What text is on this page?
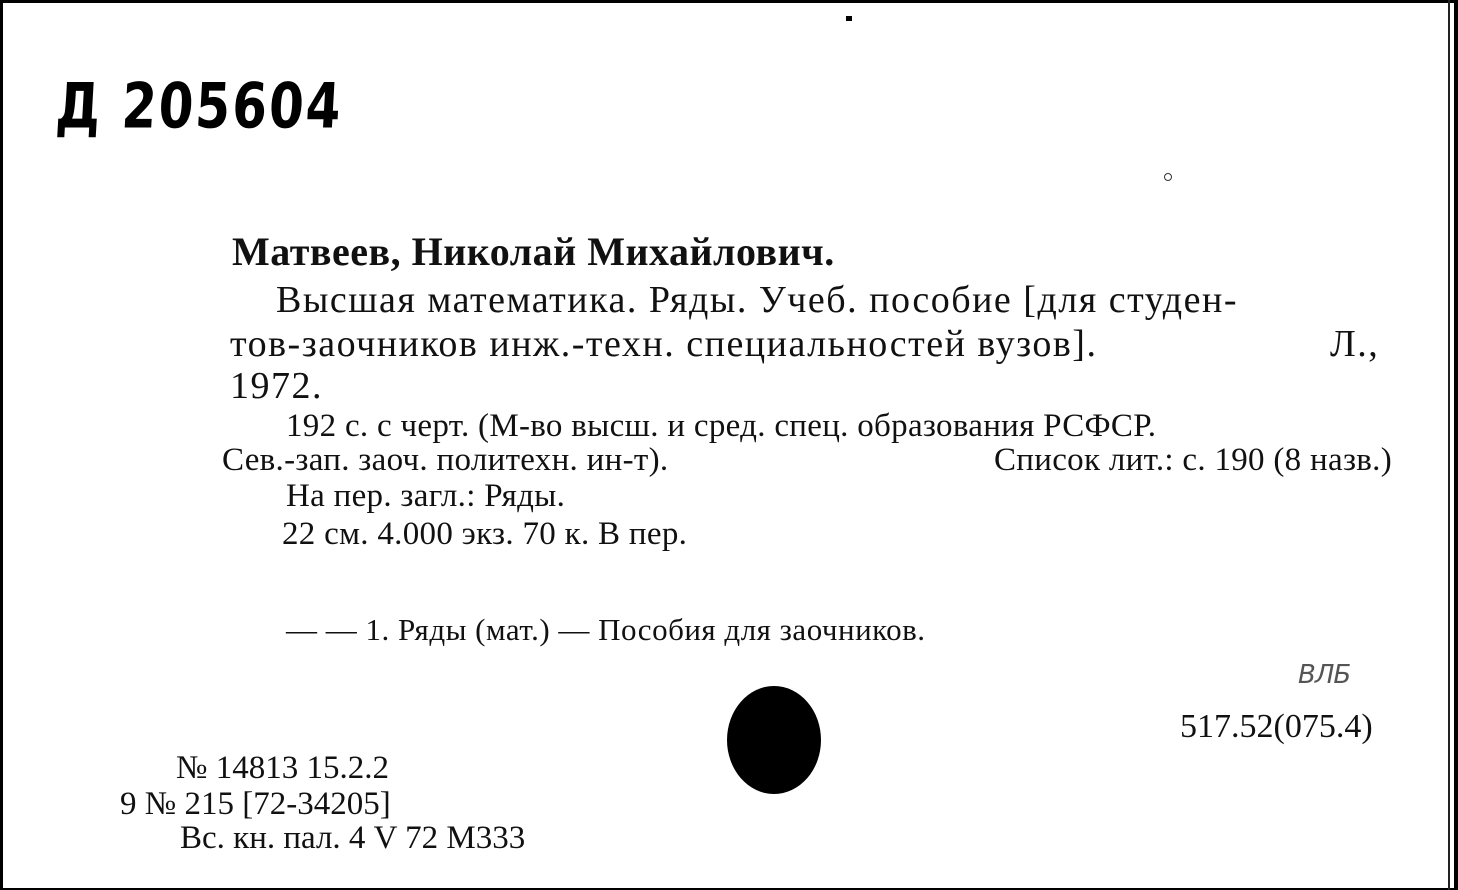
Д 205604
Матвеев, Николай Михайлович.
Высшая математика. Ряды. Учеб. пособие [для студен-
тов-заочников инж.-техн. специальностей вузов].	Л.,
1972.
192 с. с черт. (М-во высш. и сред. спец. образования РСФСР.
Сев.-зап. заоч. политехн. ин-т).	Список лит.: с. 190 (8 назв.)
На пер. загл.: Ряды.
22 см. 4.000 экз. 70 к. В пер.
— — 1. Ряды (мат.) — Пособия для заочников.
ВЛБ
517.52(075.4)
№ 14813 15.2.2
9 № 215 [72-34205]
Вс. кн. пал. 4 V 72 М333
